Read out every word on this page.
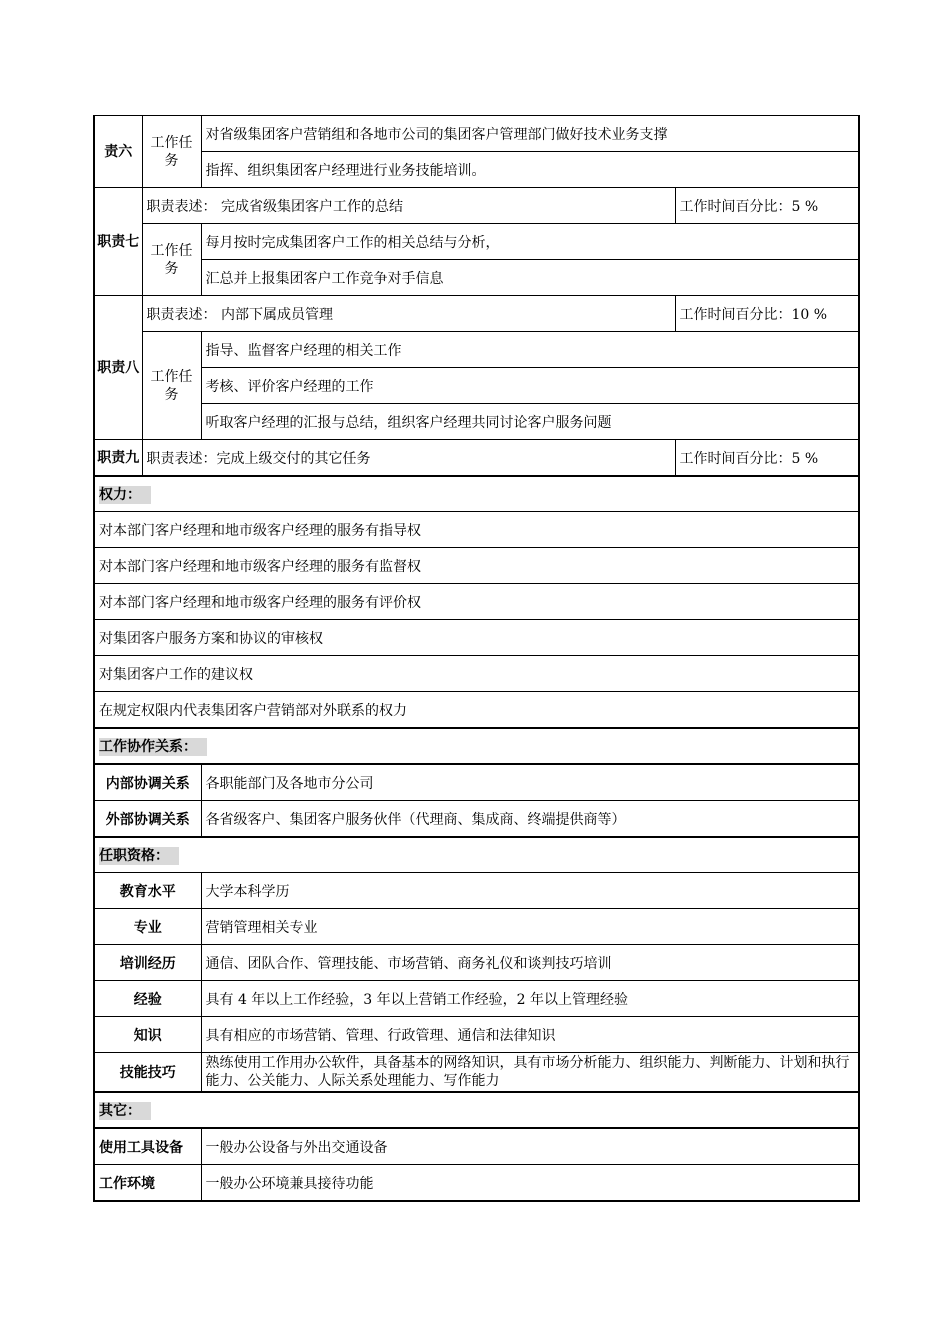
责六	工作任务	对省级集团客户营销组和各地市公司的集团客户管理部门做好技术业务支撑	
		指挥、组织集团客户经理进行业务技能培训。	
职责七	职责表述： 完成省级集团客户工作的总结		工作时间百分比：5 %
	工作任务	每月按时完成集团客户工作的相关总结与分析，	
		汇总并上报集团客户工作竞争对手信息	
职责八	职责表述： 内部下属成员管理		工作时间百分比：10 %
	工作任务	指导、监督客户经理的相关工作	
		考核、评价客户经理的工作	
		听取客户经理的汇报与总结，组织客户经理共同讨论客户服务问题	
职责九	职责表述：完成上级交付的其它任务		工作时间百分比：5 %
权力：			
对本部门客户经理和地市级客户经理的服务有指导权			
对本部门客户经理和地市级客户经理的服务有监督权			
对本部门客户经理和地市级客户经理的服务有评价权			
对集团客户服务方案和协议的审核权			
对集团客户工作的建议权			
在规定权限内代表集团客户营销部对外联系的权力			
工作协作关系：			
内部协调关系		各职能部门及各地市分公司	
外部协调关系		各省级客户、集团客户服务伙伴（代理商、集成商、终端提供商等）	
任职资格：			
教育水平		大学本科学历	
专业		营销管理相关专业	
培训经历		通信、团队合作、管理技能、市场营销、商务礼仪和谈判技巧培训	
经验		具有 4 年以上工作经验，3 年以上营销工作经验，2 年以上管理经验	
知识		具有相应的市场营销、管理、行政管理、通信和法律知识	
技能技巧		熟练使用工作用办公软件，具备基本的网络知识，具有市场分析能力、组织能力、判断能力、计划和执行能力、公关能力、人际关系处理能力、写作能力	
其它：			
使用工具设备		一般办公设备与外出交通设备	
工作环境		一般办公环境兼具接待功能	
